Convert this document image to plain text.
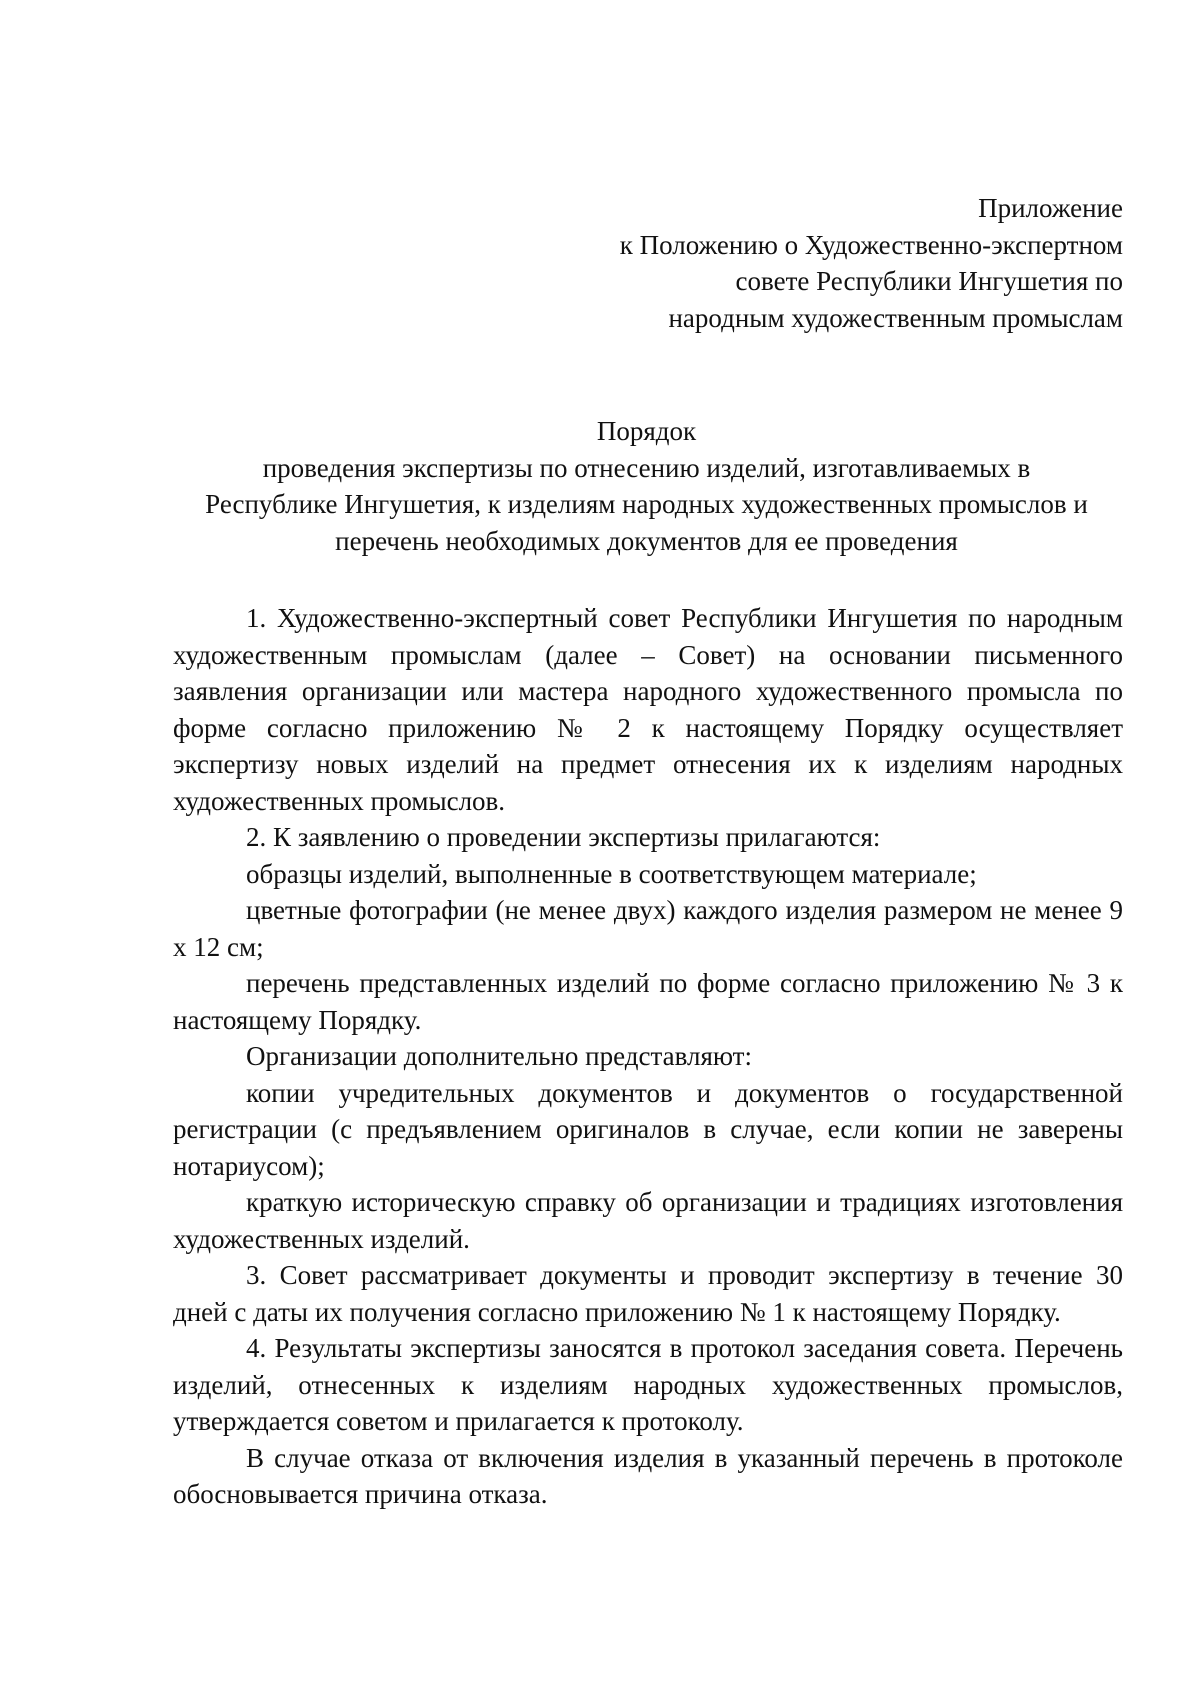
Приложение
к Положению о Художественно-экспертном
совете Республики Ингушетия по
народным художественным промыслам
Порядок
проведения экспертизы по отнесению изделий, изготавливаемых в
Республике Ингушетия, к изделиям народных художественных промыслов и
перечень необходимых документов для ее проведения

1. Художественно-экспертный совет Республики Ингушетия по народным художественным промыслам (далее – Совет) на основании письменного заявления организации или мастера народного художественного промысла по форме согласно приложению № 2 к настоящему Порядку осуществляет экспертизу новых изделий на предмет отнесения их к изделиям народных художественных промыслов.

2. К заявлению о проведении экспертизы прилагаются:

образцы изделий, выполненные в соответствующем материале;

цветные фотографии (не менее двух) каждого изделия размером не менее 9 х 12 см;

перечень представленных изделий по форме согласно приложению № 3 к настоящему Порядку.

Организации дополнительно представляют:

копии учредительных документов и документов о государственной регистрации (с предъявлением оригиналов в случае, если копии не заверены нотариусом);

краткую историческую справку об организации и традициях изготовления художественных изделий.

3. Совет рассматривает документы и проводит экспертизу в течение 30 дней с даты их получения согласно приложению № 1 к настоящему Порядку.

4. Результаты экспертизы заносятся в протокол заседания совета. Перечень изделий, отнесенных к изделиям народных художественных промыслов, утверждается советом и прилагается к протоколу.

В случае отказа от включения изделия в указанный перечень в протоколе обосновывается причина отказа.
